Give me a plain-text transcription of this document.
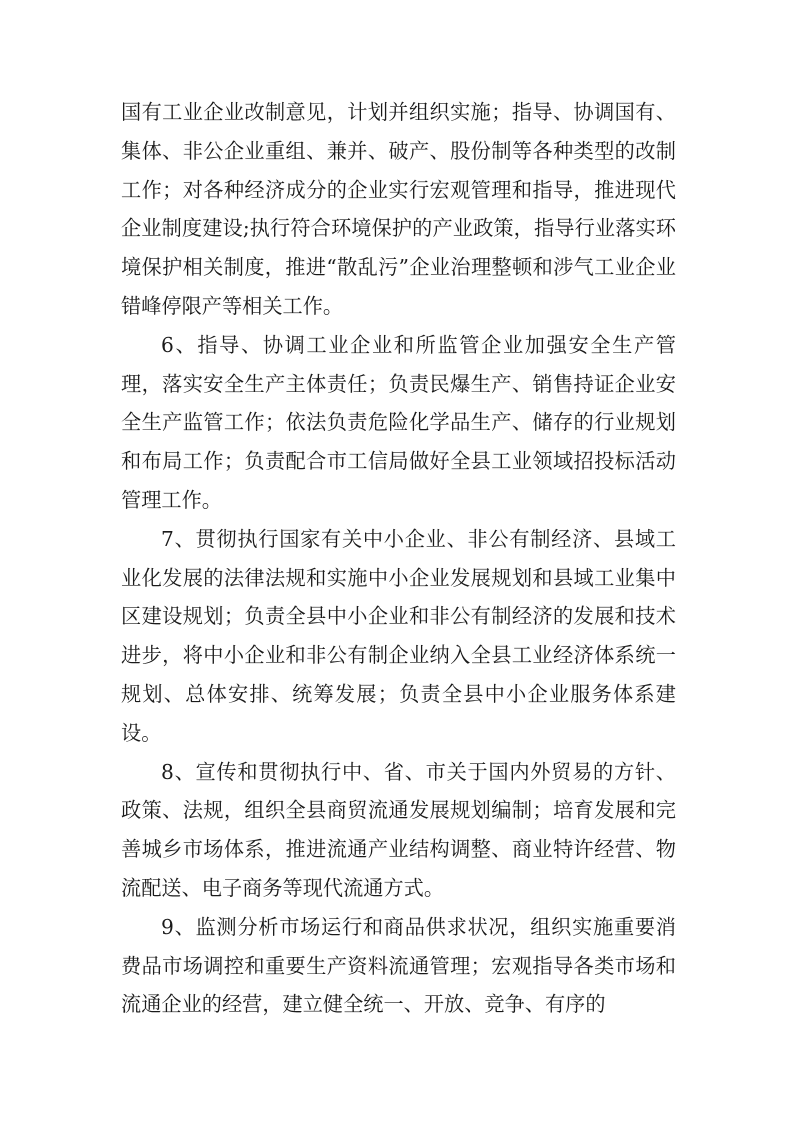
国有工业企业改制意见，计划并组织实施；指导、协调国有、集体、非公企业重组、兼并、破产、股份制等各种类型的改制工作；对各种经济成分的企业实行宏观管理和指导，推进现代企业制度建设;执行符合环境保护的产业政策，指导行业落实环境保护相关制度，推进“散乱污”企业治理整顿和涉气工业企业错峰停限产等相关工作。

6、指导、协调工业企业和所监管企业加强安全生产管理，落实安全生产主体责任；负责民爆生产、销售持证企业安全生产监管工作；依法负责危险化学品生产、储存的行业规划和布局工作；负责配合市工信局做好全县工业领域招投标活动管理工作。

7、贯彻执行国家有关中小企业、非公有制经济、县域工业化发展的法律法规和实施中小企业发展规划和县域工业集中区建设规划；负责全县中小企业和非公有制经济的发展和技术进步，将中小企业和非公有制企业纳入全县工业经济体系统一规划、总体安排、统筹发展；负责全县中小企业服务体系建设。

8、宣传和贯彻执行中、省、市关于国内外贸易的方针、政策、法规，组织全县商贸流通发展规划编制；培育发展和完善城乡市场体系，推进流通产业结构调整、商业特许经营、物流配送、电子商务等现代流通方式。

9、监测分析市场运行和商品供求状况，组织实施重要消费品市场调控和重要生产资料流通管理；宏观指导各类市场和流通企业的经营，建立健全统一、开放、竞争、有序的
